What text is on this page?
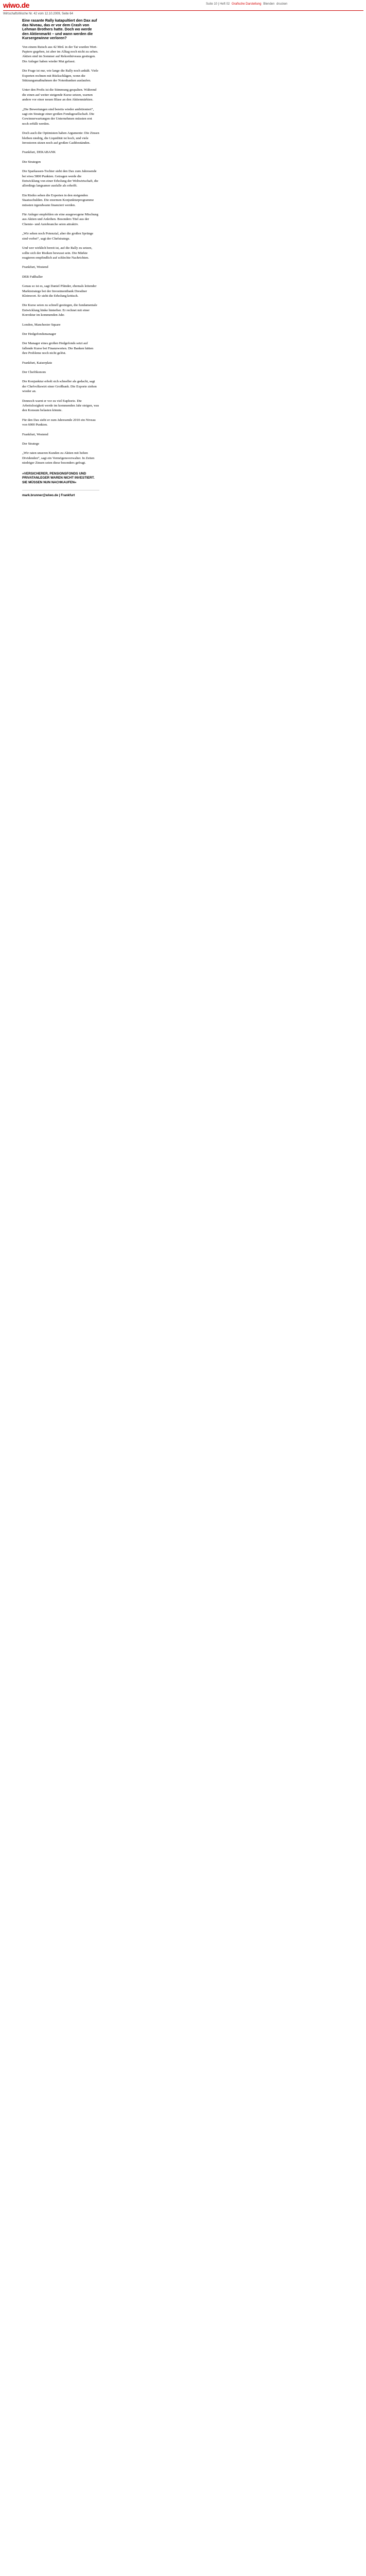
wiwo.de	Suite 10 | Heft 02 Grafische Darstellung Blenden drucken
WirtschaftsWoche Nr. 42 vom 12.10.2009, Seite 64
Eine rasante Rally katapultiert den Dax auf das Niveau, das er vor dem Crash von Lehman Brothers hatte. Doch wo werde den Aktienmarkt – und wann werden die Kursergewinne verloren?

Von einem Rutsch aus 42 Mrd. in der Tat wurden Wert-Papiere gegeben, ist aber im Alltag noch nicht zu sehen. Aktien sind im Sommer auf Rekordniveaus gestiegen. Die Anleger haben wieder Mut gefasst.

Die Frage ist nur, wie lange die Rally noch anhält. Viele Experten rechnen mit Rückschlägen, wenn die Stützungsmaßnahmen der Notenbanken auslaufen.

Unter den Profis ist die Stimmung gespalten. Während die einen auf weiter steigende Kurse setzen, warnen andere vor einer neuen Blase an den Aktienmärkten.

„Die Bewertungen sind bereits wieder ambitioniert“, sagt ein Stratege einer großen Fondsgesellschaft. Die Gewinnerwartungen der Unternehmen müssten erst noch erfüllt werden.

Doch auch die Optimisten haben Argumente: Die Zinsen bleiben niedrig, die Liquidität ist hoch, und viele Investoren sitzen noch auf großen Cashbeständen.

Frankfurt, DEKABANK

Die Strategen

Die Sparkassen-Tochter sieht den Dax zum Jahresende bei etwa 5800 Punkten. Getragen werde die Entwicklung von einer Erholung der Weltwirtschaft, die allerdings langsamer ausfalle als erhofft.

Ein Risiko sehen die Experten in den steigenden Staatsschulden. Die enormen Konjunkturprogramme müssten irgendwann finanziert werden.

Für Anleger empfehlen sie eine ausgewogene Mischung aus Aktien und Anleihen. Besonders Titel aus der Chemie- und Autobranche seien attraktiv.

„Wir sehen noch Potenzial, aber die großen Sprünge sind vorbei“, sagt der Chefstratege.

Und wer wirklich bereit ist, auf die Rally zu setzen, sollte sich der Risiken bewusst sein. Die Märkte reagieren empfindlich auf schlechte Nachrichten.

Frankfurt, Westend

DER Fußballer

Genau so ist es, sagt Daniel Pfänder, ehemals leitender Marktstratege bei der Investmentbank Dresdner Kleinwort. Er sieht die Erholung kritisch.

Die Kurse seien zu schnell gestiegen, die fundamentale Entwicklung hinke hinterher. Er rechnet mit einer Korrektur im kommenden Jahr.

London, Manchester Square

Der Hedgefondsmanager

Der Manager eines großen Hedgefonds setzt auf fallende Kurse bei Finanzwerten. Die Banken hätten ihre Probleme noch nicht gelöst.

Frankfurt, Kaiserplatz

Der Chefökonom

Die Konjunktur erholt sich schneller als gedacht, sagt der Chefvolkswirt einer Großbank. Die Exporte ziehen wieder an.

Dennoch warnt er vor zu viel Euphorie. Die Arbeitslosigkeit werde im kommenden Jahr steigen, was den Konsum belasten könnte.

Für den Dax sieht er zum Jahresende 2010 ein Niveau von 6000 Punkten.

Frankfurt, Westend

Der Stratege

„Wir raten unseren Kunden zu Aktien mit hohen Dividenden“, sagt ein Vermögensverwalter. In Zeiten niedriger Zinsen seien diese besonders gefragt.

»VERSICHERER, PENSIONSFONDS UND PRIVATANLEGER WAREN NICHT INVESTIERT. SIE MÜSSEN NUN NACHKAUFEN«
mark.brunner@wiwo.de | Frankfurt
